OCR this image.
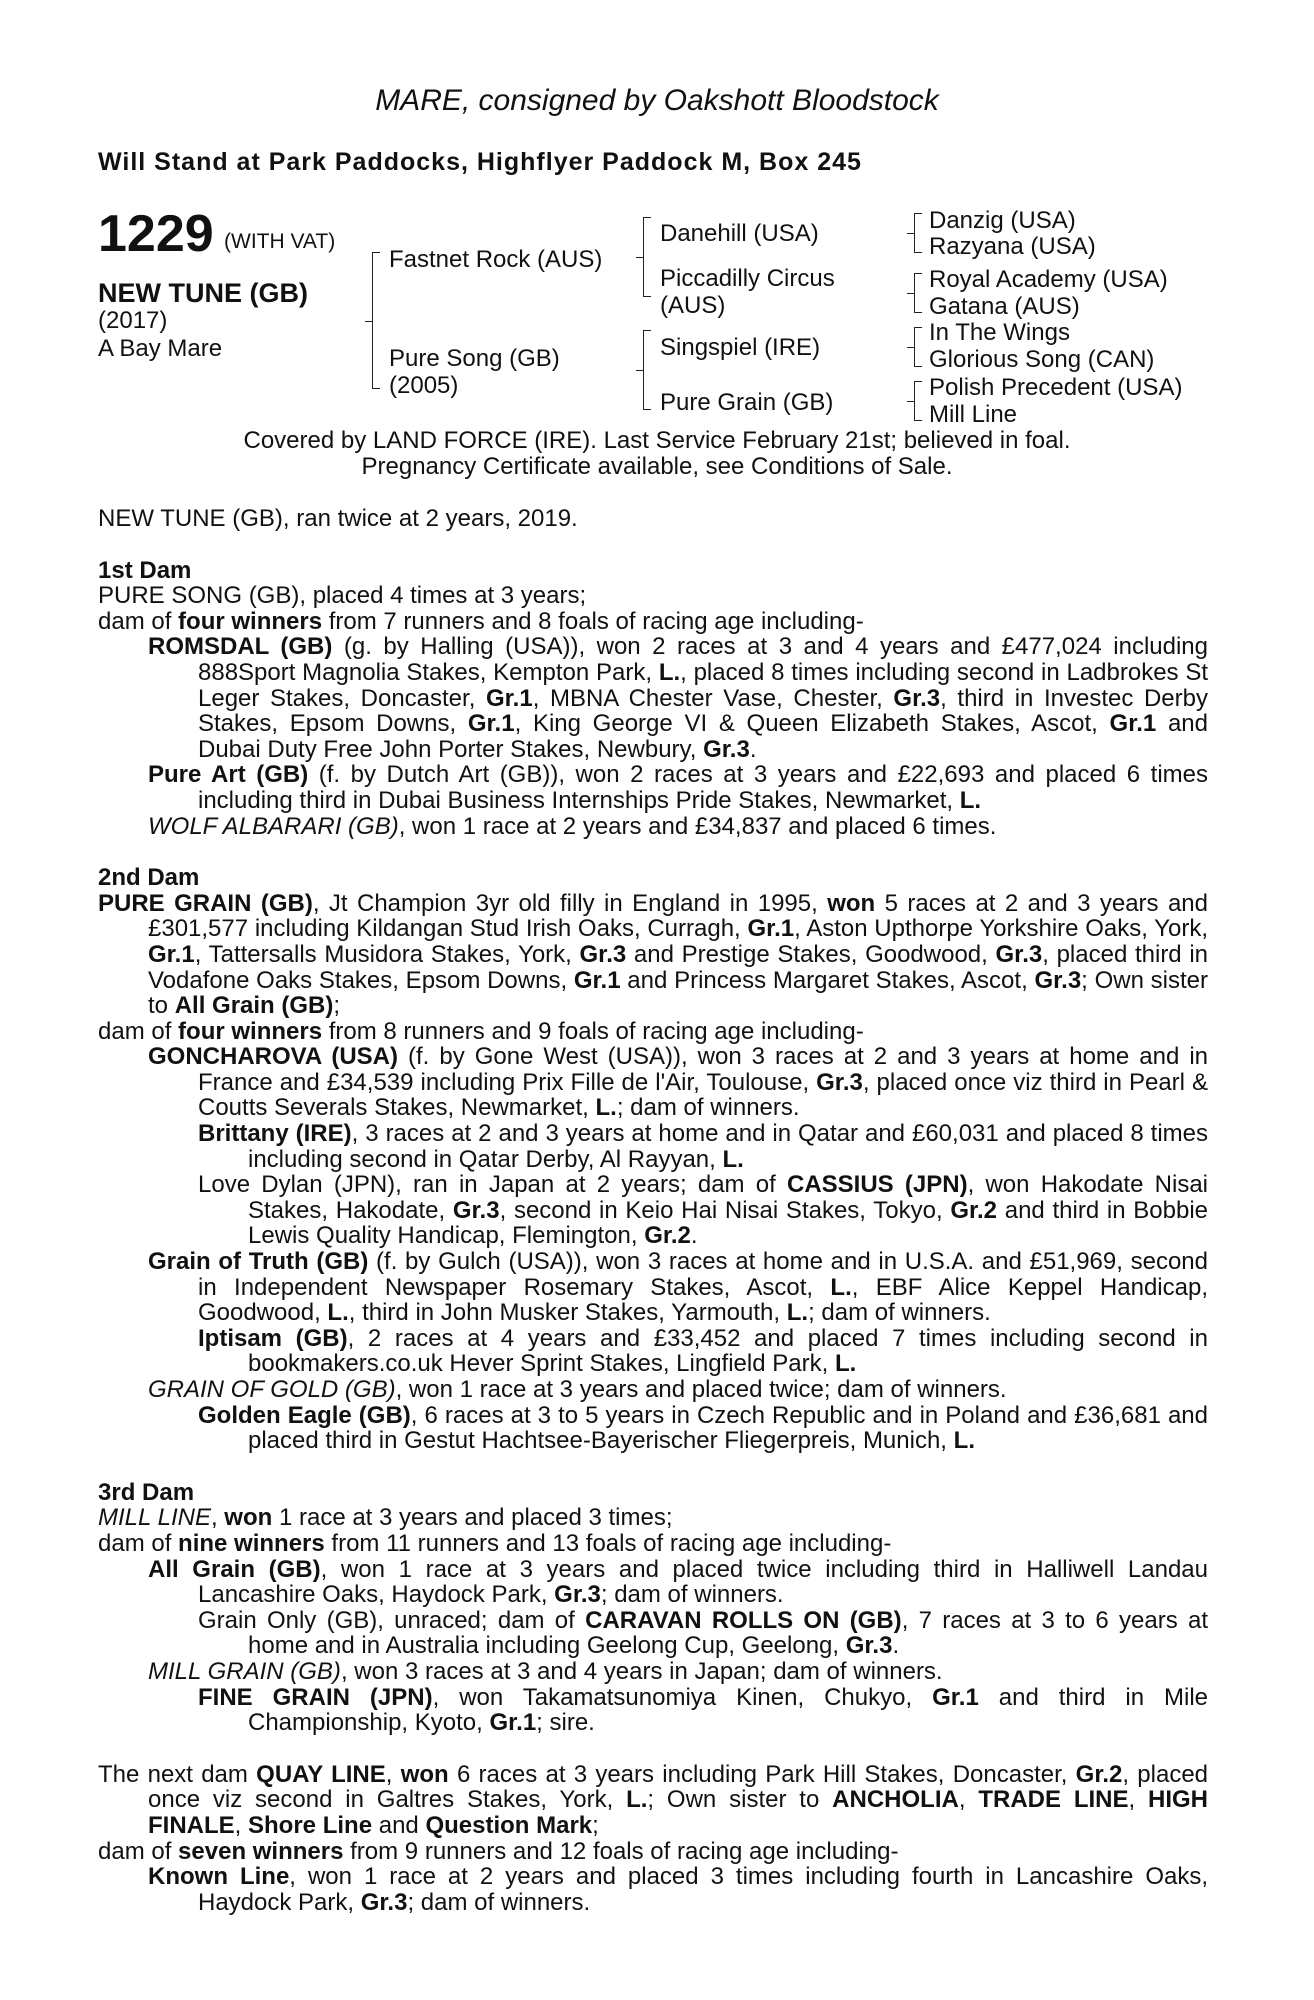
MARE, consigned by Oakshott Bloodstock
Will Stand at Park Paddocks, Highflyer Paddock M, Box 245
1229 (WITH VAT)
NEW TUNE (GB)
(2017)
A Bay Mare
Fastnet Rock (AUS)
Pure Song (GB)
(2005)
Danehill (USA)
Piccadilly Circus
(AUS)
Singspiel (IRE)
Pure Grain (GB)
Danzig (USA)
Razyana (USA)
Royal Academy (USA)
Gatana (AUS)
In The Wings
Glorious Song (CAN)
Polish Precedent (USA)
Mill Line
Covered by LAND FORCE (IRE). Last Service February 21st; believed in foal.
Pregnancy Certificate available, see Conditions of Sale.

NEW TUNE (GB), ran twice at 2 years, 2019.

1st Dam

PURE SONG (GB), placed 4 times at 3 years;

dam of four winners from 7 runners and 8 foals of racing age including-

ROMSDAL (GB) (g. by Halling (USA)), won 2 races at 3 and 4 years and £477,024 including 888Sport Magnolia Stakes, Kempton Park, L., placed 8 times including second in Ladbrokes St Leger Stakes, Doncaster, Gr.1, MBNA Chester Vase, Chester, Gr.3, third in Investec Derby Stakes, Epsom Downs, Gr.1, King George VI & Queen Elizabeth Stakes, Ascot, Gr.1 and Dubai Duty Free John Porter Stakes, Newbury, Gr.3.

Pure Art (GB) (f. by Dutch Art (GB)), won 2 races at 3 years and £22,693 and placed 6 times including third in Dubai Business Internships Pride Stakes, Newmarket, L.

WOLF ALBARARI (GB), won 1 race at 2 years and £34,837 and placed 6 times.

2nd Dam

PURE GRAIN (GB), Jt Champion 3yr old filly in England in 1995, won 5 races at 2 and 3 years and £301,577 including Kildangan Stud Irish Oaks, Curragh, Gr.1, Aston Upthorpe Yorkshire Oaks, York, Gr.1, Tattersalls Musidora Stakes, York, Gr.3 and Prestige Stakes, Goodwood, Gr.3, placed third in Vodafone Oaks Stakes, Epsom Downs, Gr.1 and Princess Margaret Stakes, Ascot, Gr.3; Own sister to All Grain (GB);

dam of four winners from 8 runners and 9 foals of racing age including-

GONCHAROVA (USA) (f. by Gone West (USA)), won 3 races at 2 and 3 years at home and in France and £34,539 including Prix Fille de l'Air, Toulouse, Gr.3, placed once viz third in Pearl & Coutts Severals Stakes, Newmarket, L.; dam of winners.

Brittany (IRE), 3 races at 2 and 3 years at home and in Qatar and £60,031 and placed 8 times including second in Qatar Derby, Al Rayyan, L.

Love Dylan (JPN), ran in Japan at 2 years; dam of CASSIUS (JPN), won Hakodate Nisai Stakes, Hakodate, Gr.3, second in Keio Hai Nisai Stakes, Tokyo, Gr.2 and third in Bobbie Lewis Quality Handicap, Flemington, Gr.2.

Grain of Truth (GB) (f. by Gulch (USA)), won 3 races at home and in U.S.A. and £51,969, second in Independent Newspaper Rosemary Stakes, Ascot, L., EBF Alice Keppel Handicap, Goodwood, L., third in John Musker Stakes, Yarmouth, L.; dam of winners.

Iptisam (GB), 2 races at 4 years and £33,452 and placed 7 times including second in bookmakers.co.uk Hever Sprint Stakes, Lingfield Park, L.

GRAIN OF GOLD (GB), won 1 race at 3 years and placed twice; dam of winners.

Golden Eagle (GB), 6 races at 3 to 5 years in Czech Republic and in Poland and £36,681 and placed third in Gestut Hachtsee-Bayerischer Fliegerpreis, Munich, L.

3rd Dam

MILL LINE, won 1 race at 3 years and placed 3 times;

dam of nine winners from 11 runners and 13 foals of racing age including-

All Grain (GB), won 1 race at 3 years and placed twice including third in Halliwell Landau Lancashire Oaks, Haydock Park, Gr.3; dam of winners.

Grain Only (GB), unraced; dam of CARAVAN ROLLS ON (GB), 7 races at 3 to 6 years at home and in Australia including Geelong Cup, Geelong, Gr.3.

MILL GRAIN (GB), won 3 races at 3 and 4 years in Japan; dam of winners.

FINE GRAIN (JPN), won Takamatsunomiya Kinen, Chukyo, Gr.1 and third in Mile Championship, Kyoto, Gr.1; sire.

The next dam QUAY LINE, won 6 races at 3 years including Park Hill Stakes, Doncaster, Gr.2, placed once viz second in Galtres Stakes, York, L.; Own sister to ANCHOLIA, TRADE LINE, HIGH FINALE, Shore Line and Question Mark;

dam of seven winners from 9 runners and 12 foals of racing age including-

Known Line, won 1 race at 2 years and placed 3 times including fourth in Lancashire Oaks, Haydock Park, Gr.3; dam of winners.
